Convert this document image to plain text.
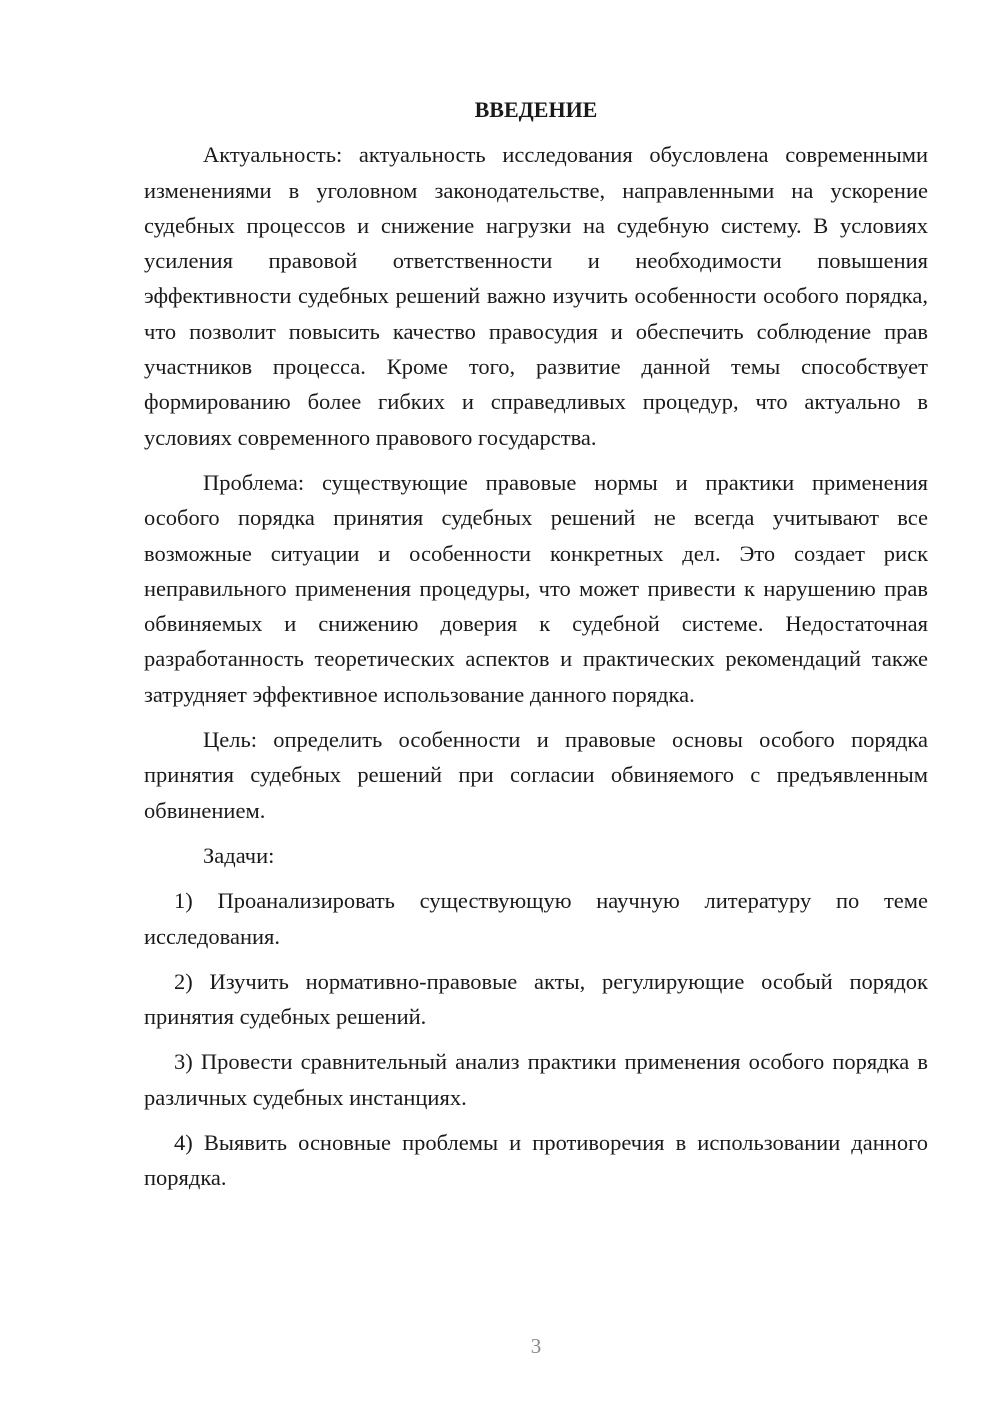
ВВЕДЕНИЕ

Актуальность: актуальность исследования обусловлена современными изменениями в уголовном законодательстве, направленными на ускорение судебных процессов и снижение нагрузки на судебную систему. В условиях усиления правовой ответственности и необходимости повышения эффективности судебных решений важно изучить особенности особого порядка, что позволит повысить качество правосудия и обеспечить соблюдение прав участников процесса. Кроме того, развитие данной темы способствует формированию более гибких и справедливых процедур, что актуально в условиях современного правового государства.

Проблема: существующие правовые нормы и практики применения особого порядка принятия судебных решений не всегда учитывают все возможные ситуации и особенности конкретных дел. Это создает риск неправильного применения процедуры, что может привести к нарушению прав обвиняемых и снижению доверия к судебной системе. Недостаточная разработанность теоретических аспектов и практических рекомендаций также затрудняет эффективное использование данного порядка.

Цель: определить особенности и правовые основы особого порядка принятия судебных решений при согласии обвиняемого с предъявленным обвинением.

Задачи:

1) Проанализировать существующую научную литературу по теме исследования.

2) Изучить нормативно-правовые акты, регулирующие особый порядок принятия судебных решений.

3) Провести сравнительный анализ практики применения особого порядка в различных судебных инстанциях.

4) Выявить основные проблемы и противоречия в использовании данного порядка.

3
